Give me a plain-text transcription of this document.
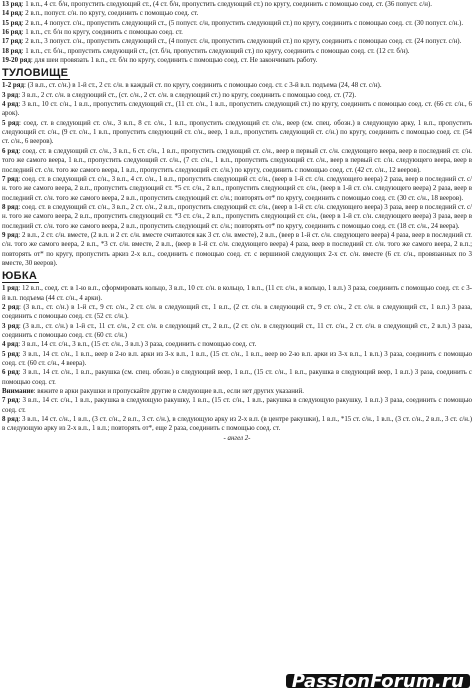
13 ряд: 1 в.п., 4 ст. б/н, пропустить следующий ст., (4 ст. б/н, пропустить следующий ст.) по кругу, соединить с помощью соед. ст. (36 попуст. с/н).

14 ряд: 2 в.п., попуст. с/н. по кругу, соединить с помощью соед. ст.

15 ряд: 2 в.п., 4 попуст. с/н., пропустить следующий ст., (5 попуст. с/н, пропустить следующий ст.) по кругу, соединить с помощью соед. ст. (30 попуст. с/н.).

16 ряд: 1 в.п., ст. б/н по кругу, соединить с помощью соед. ст.

17 ряд: 2 в.п., 3 попуст. с/н., пропустить следующий ст., (4 попуст. с/н, пропустить следующий ст.) по кругу, соединить с помощью соед. ст. (24 попуст. с/н).

18 ряд: 1 в.п., ст. б/н., пропустить следующий ст., (ст. б/н, пропустить следующий ст.) по кругу, соединить с помощью соед. ст. (12 ст. б/н).

19-20 ряд: для шеи провязать 1 в.п., ст. б/н по кругу, соединить с помощью соед. ст. Не закончивать работу.

ТУЛОВИЩЕ

1-2 ряд: (3 в.п., ст. с/н.) в 1-й ст., 2 ст. с/н. в каждый ст. по кругу, соединить с помощью соед. ст. с 3-й в.п. подъема (24, 48 ст. с/н).

3 ряд: 3 в.п., 2 ст. с/н. в следующий ст., (ст. с/н., 2 ст. с/н. в следующий ст.) по кругу, соединить с помощью соед. ст. (72).

4 ряд: 3 в.п., 10 ст. с/н., 1 в.п., пропустить следующий ст., (11 ст. с/н., 1 в.п., пропустить следующий ст.) по кругу, соединить с помощью соед. ст. (66 ст. с/н., 6 арок).

5 ряд: соед. ст. в следующий ст. с/н., 3 в.п., 8 ст. с/н., 1 в.п., пропустить следующий ст. с/н., веер (см. спец. обозн.) в следующую арку, 1 в.п., пропустить следующий ст. с/н., (9 ст. с/н., 1 в.п., пропустить следующий ст. с/н., веер, 1 в.п., пропустить следующий ст. с/н.) по кругу, соединить с помощью соед. ст. (54 ст. с/н., 6 вееров).

6 ряд: соед. ст. в следующий ст. с/н., 3 в.п., 6 ст. с/н., 1 в.п., пропустить следующий ст. с/н., веер в первый ст. с/н. следующего веера, веер в последний ст. с/н. того же самого веера, 1 в.п., пропустить следующий ст. с/н., (7 ст. с/н., 1 в.п., пропустить следующий ст. с/н., веер в первый ст. с/н. следующего веера, веер в последний ст. с/н. того же самого веера, 1 в.п., пропустить следующий ст. с/н.) по кругу, соединить с помощью соед. ст. (42 ст. с/н., 12 вееров).

7 ряд: соед. ст. в следующий ст. с/н., 3 в.п., 4 ст. с/н., 1 в.п., пропустить следующий ст. с/н., (веер в 1-й ст. с/н. следующего веера) 2 раза, веер в последний ст. с/н. того же самого веера, 2 в.п., пропустить следующий ст. *5 ст. с/н., 2 в.п., пропустить следующий ст. с/н., (веер в 1-й ст. с/н. следующего веера) 2 раза, веер в последний ст. с/н. того же самого веера, 2 в.п., пропустить следующий ст. с/н.; повторять от* по кругу, соединить с помощью соед. ст. (30 ст. с/н., 18 вееров).

8 ряд: соед. ст. в следующий ст. с/н., 3 в.п., 2 ст. с/н., 2 в.п., пропустить следующий ст. с/н., (веер в 1-й ст. с/н. следующего веера) 3 раза, веер в последний ст. с/н. того же самого веера, 2 в.п., пропустить следующий ст. *3 ст. с/н., 2 в.п., пропустить следующий ст. с/н., (веер в 1-й ст. с/н. следующего веера) 3 раза, веер в последний ст. с/н. того же самого веера, 2 в.п., пропустить следующий ст. с/н.; повторять от* по кругу, соединить с помощью соед. ст. (18 ст. с/н., 24 веера).

9 ряд: 2 в.п., 2 ст. с/н. вместе, (2 в.п. и 2 ст. с/н. вместе считаются как 3 ст. с/н. вместе), 2 в.п., (веер в 1-й ст. с/н. следующего веера) 4 раза, веер в последний ст. с/н. того же самого веера, 2 в.п., *3 ст. с/н. вместе, 2 в.п., (веер в 1-й ст. с/н. следующего веера) 4 раза, веер в последний ст. с/н. того же самого веера, 2 в.п.; повторять от* по кругу, пропустить аркиз 2-х в.п., соединить с помощью соед. ст. с вершиной следующих 2-х ст. с/н. вместе (6 ст. с/н., провязанных по 3 вместе, 30 вееров).

ЮБКА

1 ряд: 12 в.п., соед. ст. в 1-ю в.п., сформировать кольцо, 3 в.п., 10 ст. с/н. в кольцо, 1 в.п., (11 ст. с/н., в кольцо, 1 в.п.) 3 раза, соединить с помощью соед. ст. с 3-й в.п. подъема (44 ст. с/н., 4 арки).

2 ряд: (3 в.п., ст. с/н.) в 1-й ст., 9 ст. с/н., 2 ст. с/н. в следующий ст., 1 в.п., (2 ст. с/н. в следующий ст., 9 ст. с/н., 2 ст. с/н. в следующий ст., 1 в.п.) 3 раза, соединить с помощью соед. ст. (52 ст. с/н.).

3 ряд: (3 в.п., ст. с/н.) в 1-й ст., 11 ст. с/н., 2 ст. с/н. в следующий ст., 2 в.п., (2 ст. с/н. в следующий ст., 11 ст. с/н., 2 ст. с/н. в следующий ст., 2 в.п.) 3 раза, соединить с помощью соед. ст. (60 ст. с/н.)

4 ряд: 3 в.п., 14 ст. с/н., 3 в.п., (15 ст. с/н., 3 в.п.) 3 раза, соединить с помощью соед. ст.

5 ряд: 3 в.п., 14 ст. с/н., 1 в.п., веер в 2-ю в.п. арки из 3-х в.п., 1 в.п., (15 ст. с/н., 1 в.п., веер во 2-ю в.п. арки из 3-х в.п., 1 в.п.) 3 раза, соединить с помощью соед. ст. (60 ст. с/н., 4 веера).

6 ряд: 3 в.п., 14 ст. с/н., 1 в.п., ракушка (см. спец. обозн.) в следующий веер, 1 в.п., (15 ст. с/н., 1 в.п., ракушка в следующий веер, 1 в.п.) 3 раза, соединить с помощью соед. ст.

Внимание: вяжите в арки ракушки и пропускайте другие в следующие в.п., если нет других указаний.

7 ряд: 3 в.п., 14 ст. с/н., 1 в.п., ракушка в следующую ракушку, 1 в.п., (15 ст. с/н., 1 в.п., ракушка в следующую ракушку, 1 в.п.) 3 раза, соединить с помощью соед. ст.

8 ряд: 3 в.п., 14 ст. с/н., 1 в.п., (3 ст. с/н., 2 в.п., 3 ст. с/н.), в следующую арку из 2-х в.п. (в центре ракушки), 1 в.п., *15 ст. с/н., 1 в.п., (3 ст. с/н., 2 в.п., 3 ст. с/н.) в следующую арку из 2-х в.п., 1 в.п.; повторять от*, еще 2 раза, соединить с помощью соед. ст.

- ангел 2-
PassionForum.ru
